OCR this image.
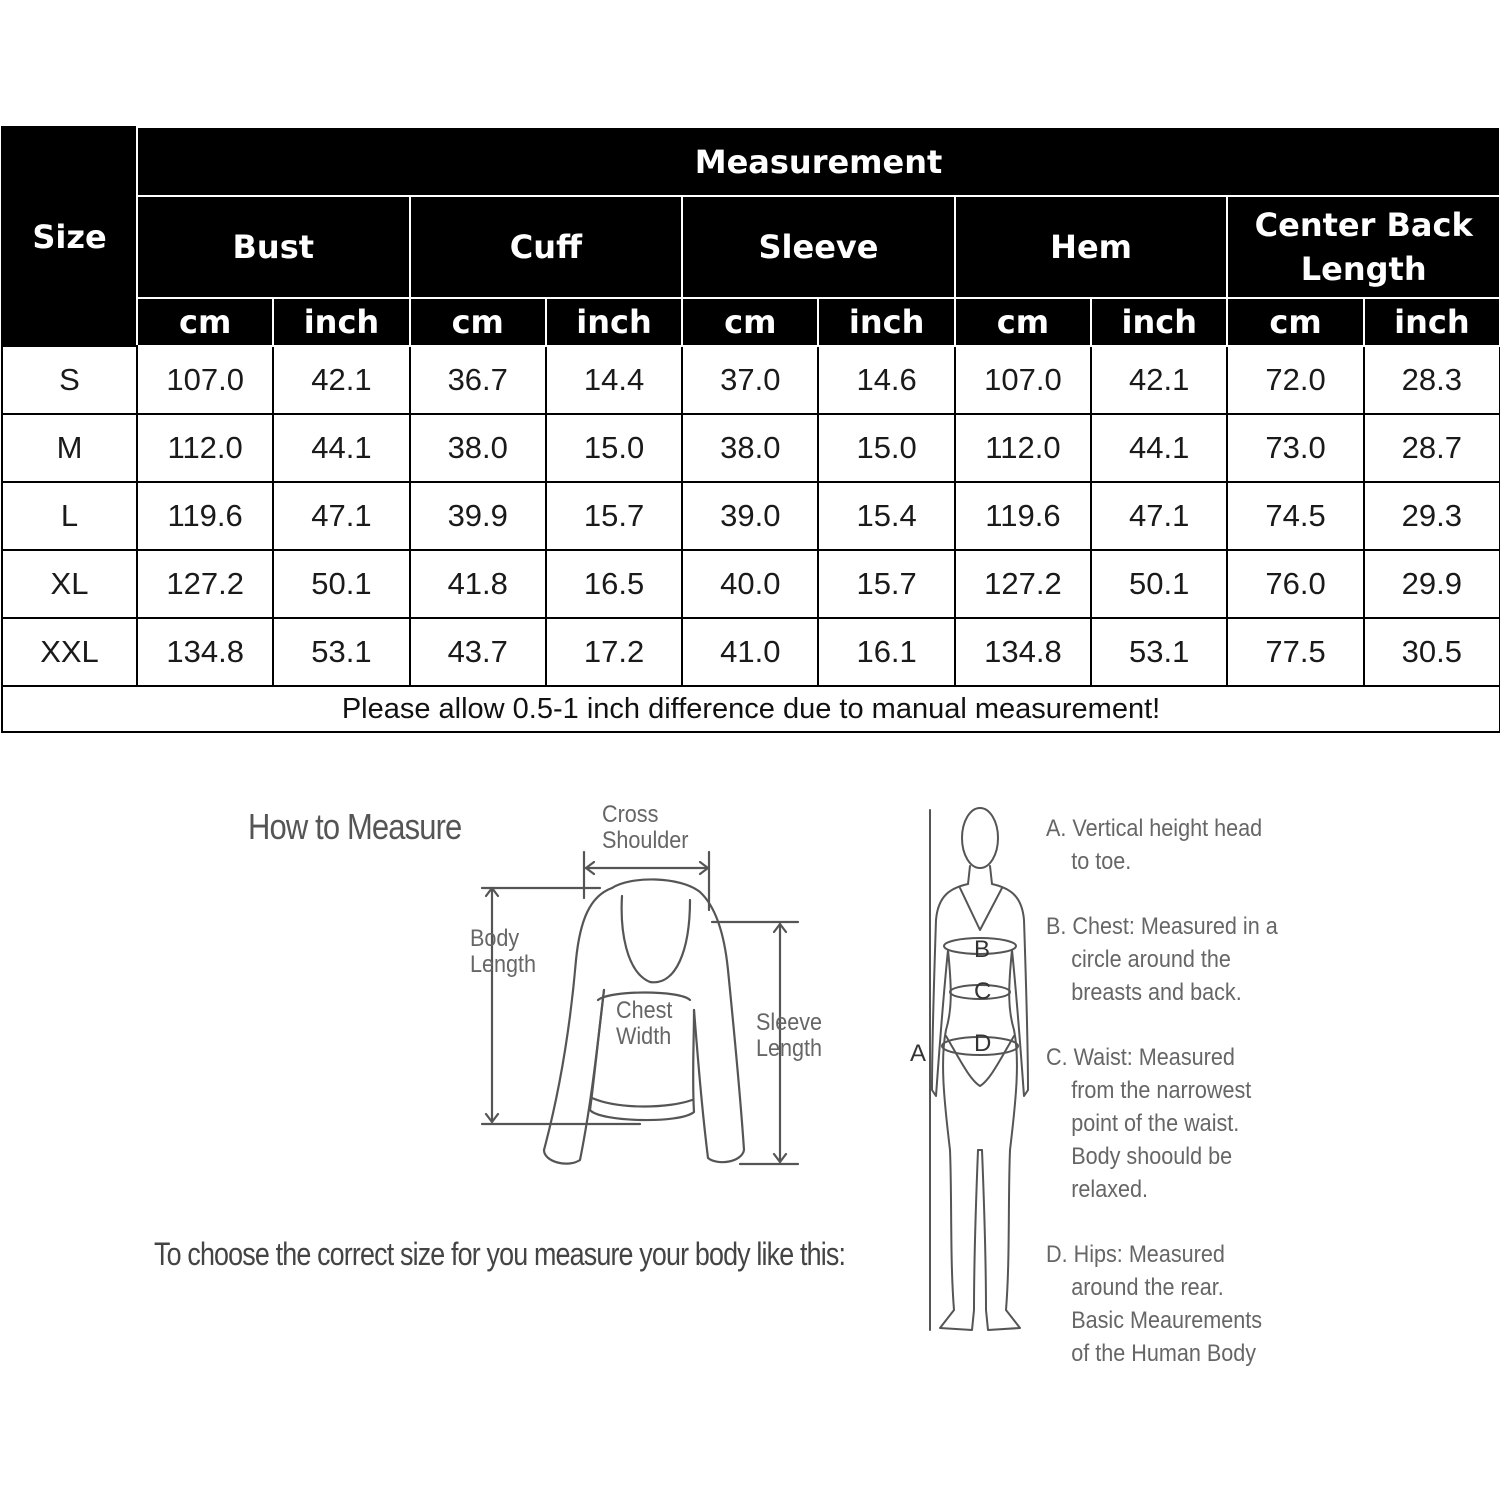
Size	Measurement									

	Bust		Cuff		Sleeve		Hem		Center Back
Length	

	cm	inch	cm	inch	cm	inch	cm	inch	cm	inch
S	107.0	42.1	36.7	14.4	37.0	14.6	107.0	42.1	72.0	28.3
M	112.0	44.1	38.0	15.0	38.0	15.0	112.0	44.1	73.0	28.7
L	119.6	47.1	39.9	15.7	39.0	15.4	119.6	47.1	74.5	29.3
XL	127.2	50.1	41.8	16.5	40.0	15.7	127.2	50.1	76.0	29.9
XXL	134.8	53.1	43.7	17.2	41.0	16.1	134.8	53.1	77.5	30.5
Please allow 0.5-1 inch difference due to manual measurement!										
How to Measure	Cross
Shoulder
Body
Length
Chest
Width
Sleeve
Length
To choose the correct size for you measure your body like this:
A
B
C
D
A. Vertical height head
to toe.
B. Chest: Measured in a
circle around the
breasts and back.
C. Waist: Measured
from the narrowest
point of the waist.
Body shoould be
relaxed.
D. Hips: Measured
around the rear.
Basic Meaurements
of the Human Body
